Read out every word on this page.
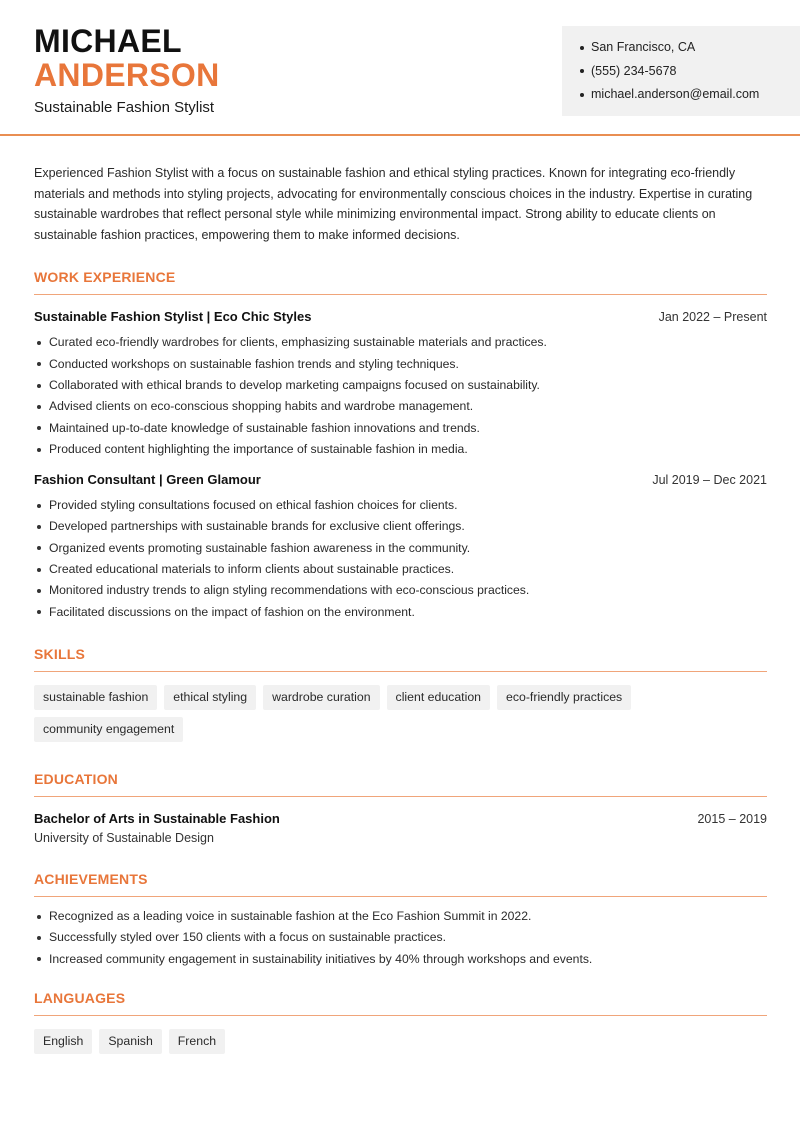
MICHAEL
ANDERSON
Sustainable Fashion Stylist
San Francisco, CA
(555) 234-5678
michael.anderson@email.com

Experienced Fashion Stylist with a focus on sustainable fashion and ethical styling practices. Known for integrating eco-friendly materials and methods into styling projects, advocating for environmentally conscious choices in the industry. Expertise in curating sustainable wardrobes that reflect personal style while minimizing environmental impact. Strong ability to educate clients on sustainable fashion practices, empowering them to make informed decisions.

WORK EXPERIENCE
Sustainable Fashion Stylist | Eco Chic Styles	Jan 2022 – Present
Curated eco-friendly wardrobes for clients, emphasizing sustainable materials and practices.
Conducted workshops on sustainable fashion trends and styling techniques.
Collaborated with ethical brands to develop marketing campaigns focused on sustainability.
Advised clients on eco-conscious shopping habits and wardrobe management.
Maintained up-to-date knowledge of sustainable fashion innovations and trends.
Produced content highlighting the importance of sustainable fashion in media.
Fashion Consultant | Green Glamour	Jul 2019 – Dec 2021
Provided styling consultations focused on ethical fashion choices for clients.
Developed partnerships with sustainable brands for exclusive client offerings.
Organized events promoting sustainable fashion awareness in the community.
Created educational materials to inform clients about sustainable practices.
Monitored industry trends to align styling recommendations with eco-conscious practices.
Facilitated discussions on the impact of fashion on the environment.
SKILLS
sustainable fashion	ethical styling	wardrobe curation	client education	eco-friendly practices
community engagement
EDUCATION
Bachelor of Arts in Sustainable Fashion	2015 – 2019
University of Sustainable Design
ACHIEVEMENTS
Recognized as a leading voice in sustainable fashion at the Eco Fashion Summit in 2022.
Successfully styled over 150 clients with a focus on sustainable practices.
Increased community engagement in sustainability initiatives by 40% through workshops and events.
LANGUAGES
English	Spanish	French
